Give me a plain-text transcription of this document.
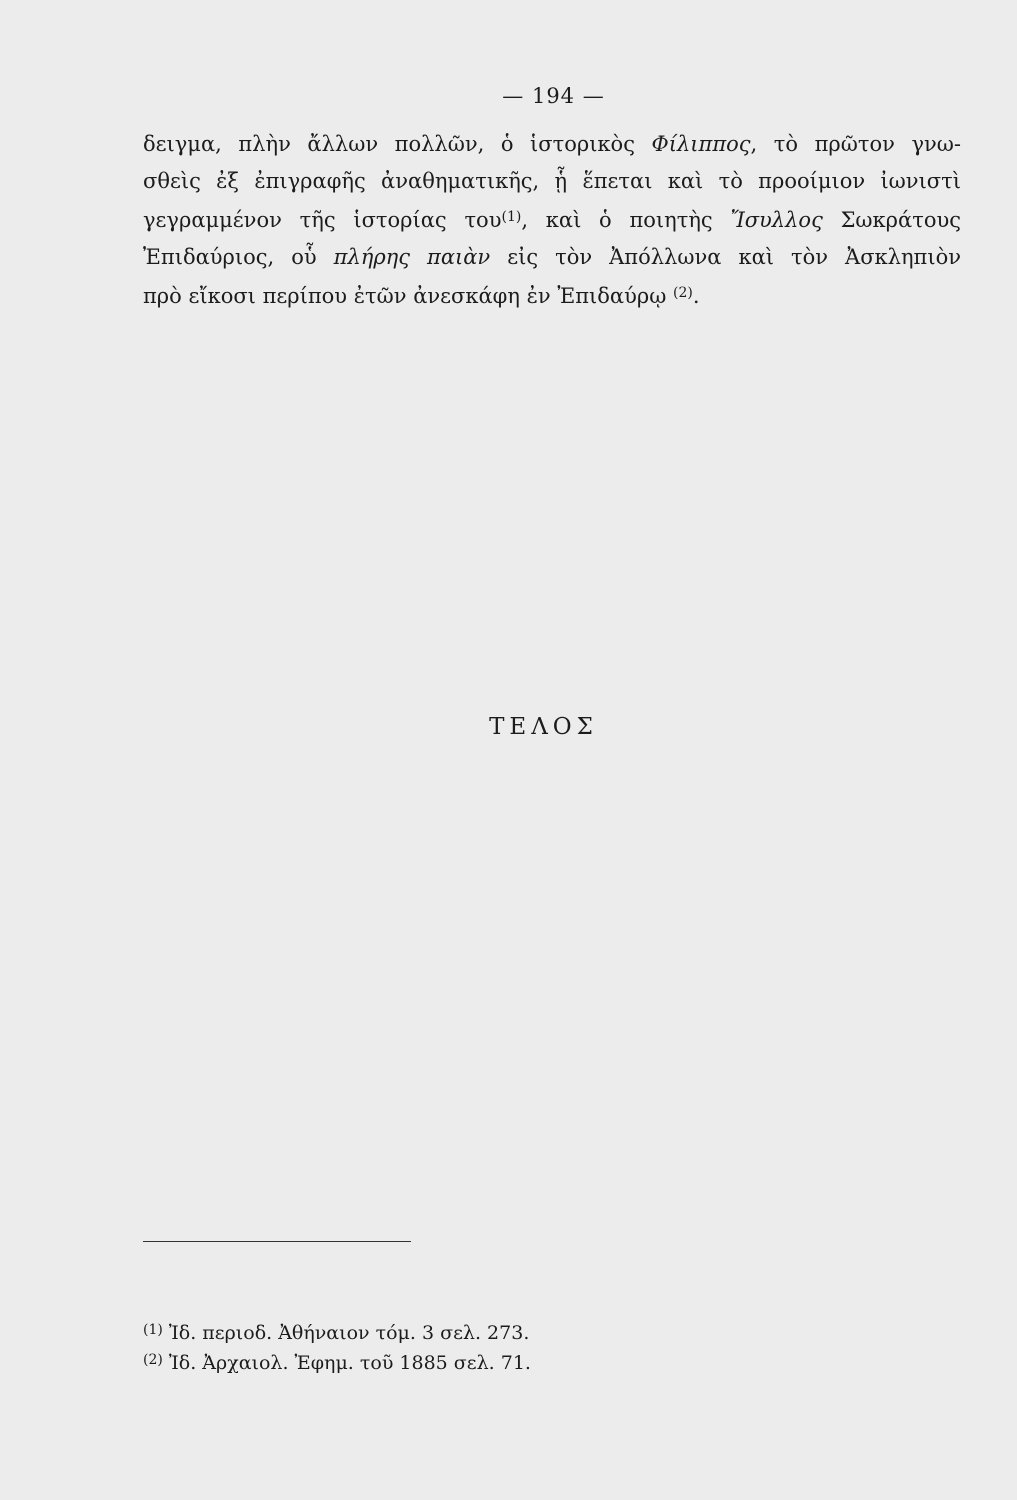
— 194 —
δειγμα, πλὴν ἄλλων πολλῶν, ὁ ἱστορικὸς Φίλιππος, τὸ πρῶτον γνω-
σθεὶς ἐξ ἐπιγραφῆς ἀναθηματικῆς, ᾗ ἕπεται καὶ τὸ προοίμιον ἰωνιστὶ
γεγραμμένον τῆς ἱστορίας του$^{(1)}$, καὶ ὁ ποιητὴς Ἴσυλλος Σωκράτους
Ἐπιδαύριος, οὗ πλήρης παιὰν εἰς τὸν Ἀπόλλωνα καὶ τὸν Ἀσκληπιὸν
πρὸ εἴκοσι περίπου ἐτῶν ἀνεσκάφη ἐν Ἐπιδαύρῳ $^{(2)}$.
ΤΕΛΟΣ
$^{(1)}$ Ἰδ. περιοδ. Ἀθήναιον τόμ. 3 σελ. 273.
$^{(2)}$ Ἰδ. Ἀρχαιολ. Ἐφημ. τοῦ 1885 σελ. 71.
